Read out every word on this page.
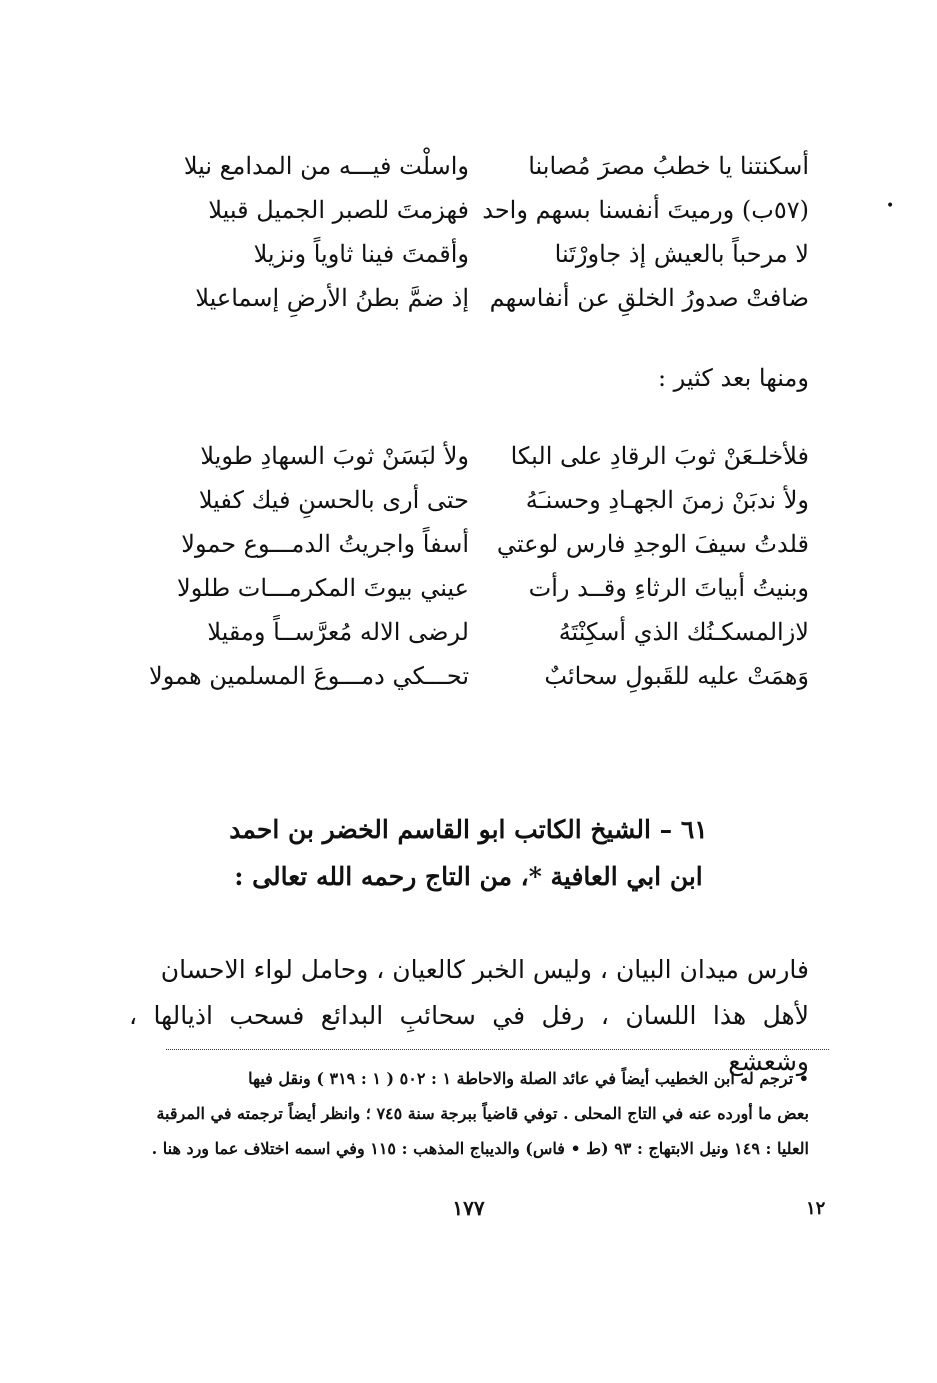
أسكنتنا يا خطبُ مصرَ مُصابنا
واسلْت فيـــه من المدامع نيلا
(٥٧ب) ورميتَ أنفسنا بسهم واحد
فهزمتَ للصبر الجميل قبيلا
لا مرحباً بالعيش إذ جاورْتَنا
وأقمتَ فينا ثاوياً ونزيلا
ضافتْ صدورُ الخلقِ عن أنفاسهم
إذ ضمَّ بطنُ الأرضِ إسماعيلا
•
ومنها بعد كثير :
فلأخلـعَنْ ثوبَ الرقادِ على البكا
ولأ لبَسَنْ ثوبَ السهادِ طويلا
ولأ ندبَنْ زمنَ الجهـادِ وحسنـَهُ
حتى أرى بالحسنِ فيك كفيلا
قلدتُ سيفَ الوجدِ فارس لوعتي
أسفاً واجريتُ الدمـــوع حمولا
وبنيتُ أبياتَ الرثاءِ وقــد رأت
عيني بيوتَ المكرمـــات طلولا
لازالمسكـنُك الذي أسكِنْتَهُ
لرضى الاله مُعرَّســاً ومقيلا
وَهمَتْ عليه للقَبولِ سحائبٌ
تحـــكي دمـــوعَ المسلمين همولا
٦١ – الشيخ الكاتب ابو القاسم الخضر بن احمد
ابن ابي العافية *، من التاج رحمه الله تعالى :
فارس ميدان البيان ، وليس الخبر كالعيان ، وحامل لواء الاحسان
لأهل هذا اللسان ، رفل في سحائبِ البدائع فسحب اذيالها ، وشعشع
• ترجم له ابن الخطيب أيضاً في عائد الصلة والاحاطة ١ : ٥٠٢ ( ١ : ٣١٩ ) ونقل فيها
بعض ما أورده عنه في التاج المحلى . توفي قاضياً ببرجة سنة ٧٤٥ ؛ وانظر أيضاً ترجمته في المرقبة
العليا : ١٤٩ ونيل الابتهاج : ٩٣ (ط • فاس) والديباج المذهب : ١١٥ وفي اسمه اختلاف عما ورد هنا .
١٧٧	١٢
